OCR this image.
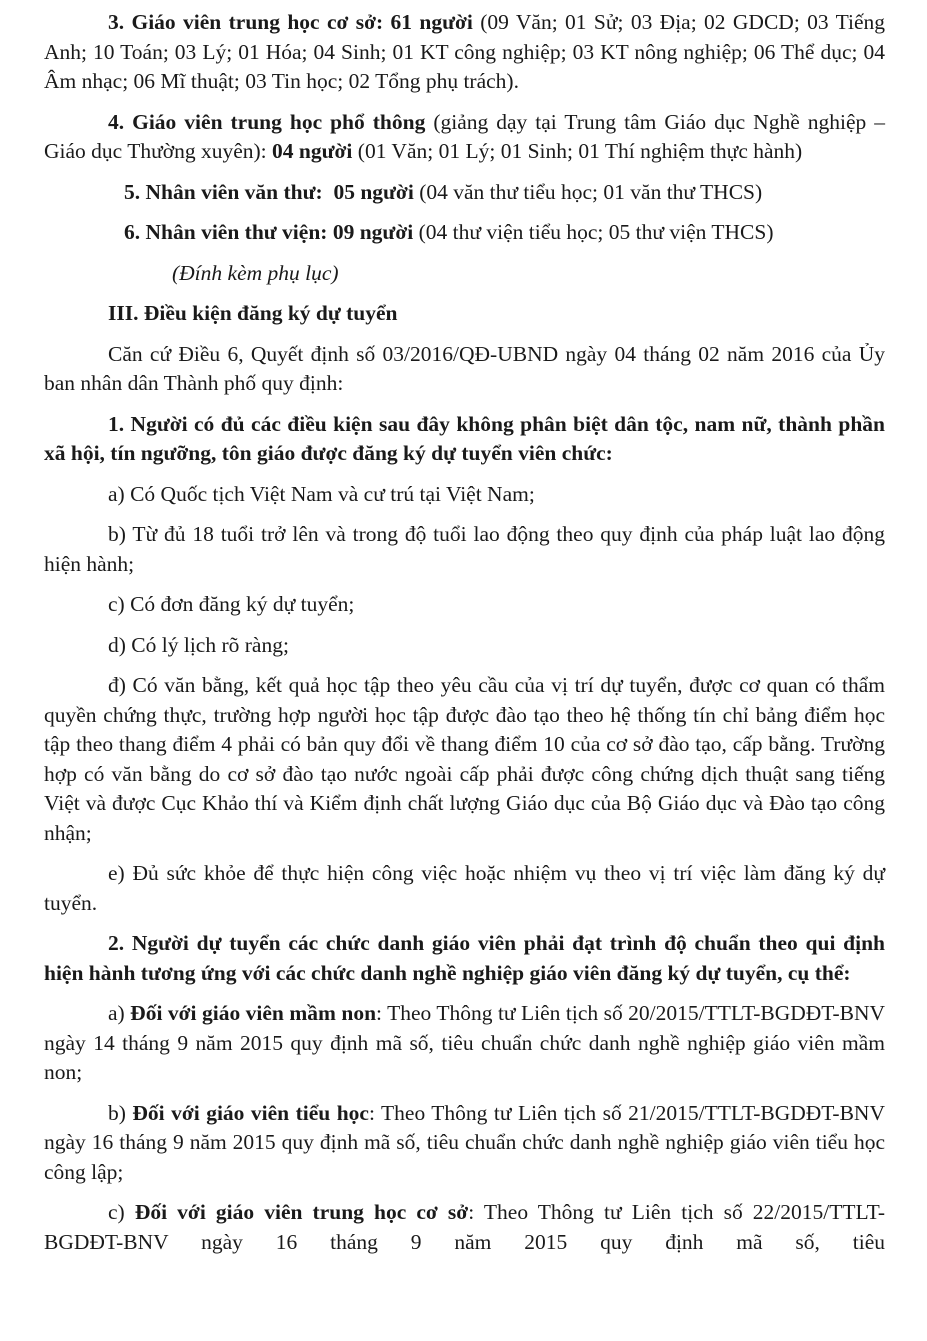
3. Giáo viên trung học cơ sở: 61 người (09 Văn; 01 Sử; 03 Địa; 02 GDCD; 03 Tiếng Anh; 10 Toán; 03 Lý; 01 Hóa; 04 Sinh; 01 KT công nghiệp; 03 KT nông nghiệp; 06 Thể dục; 04 Âm nhạc; 06 Mĩ thuật; 03 Tin học; 02 Tổng phụ trách).

4. Giáo viên trung học phổ thông (giảng dạy tại Trung tâm Giáo dục Nghề nghiệp – Giáo dục Thường xuyên): 04 người (01 Văn; 01 Lý; 01 Sinh; 01 Thí nghiệm thực hành)

5. Nhân viên văn thư: 05 người (04 văn thư tiểu học; 01 văn thư THCS)

6. Nhân viên thư viện: 09 người (04 thư viện tiểu học; 05 thư viện THCS)

(Đính kèm phụ lục)

III. Điều kiện đăng ký dự tuyển

Căn cứ Điều 6, Quyết định số 03/2016/QĐ-UBND ngày 04 tháng 02 năm 2016 của Ủy ban nhân dân Thành phố quy định:

1. Người có đủ các điều kiện sau đây không phân biệt dân tộc, nam nữ, thành phần xã hội, tín ngưỡng, tôn giáo được đăng ký dự tuyển viên chức:

a) Có Quốc tịch Việt Nam và cư trú tại Việt Nam;

b) Từ đủ 18 tuổi trở lên và trong độ tuổi lao động theo quy định của pháp luật lao động hiện hành;

c) Có đơn đăng ký dự tuyển;

d) Có lý lịch rõ ràng;

đ) Có văn bằng, kết quả học tập theo yêu cầu của vị trí dự tuyển, được cơ quan có thẩm quyền chứng thực, trường hợp người học tập được đào tạo theo hệ thống tín chỉ bảng điểm học tập theo thang điểm 4 phải có bản quy đổi về thang điểm 10 của cơ sở đào tạo, cấp bằng. Trường hợp có văn bằng do cơ sở đào tạo nước ngoài cấp phải được công chứng dịch thuật sang tiếng Việt và được Cục Khảo thí và Kiểm định chất lượng Giáo dục của Bộ Giáo dục và Đào tạo công nhận;

e) Đủ sức khỏe để thực hiện công việc hoặc nhiệm vụ theo vị trí việc làm đăng ký dự tuyển.

2. Người dự tuyển các chức danh giáo viên phải đạt trình độ chuẩn theo qui định hiện hành tương ứng với các chức danh nghề nghiệp giáo viên đăng ký dự tuyển, cụ thể:

a) Đối với giáo viên mầm non: Theo Thông tư Liên tịch số 20/2015/TTLT-BGDĐT-BNV ngày 14 tháng 9 năm 2015 quy định mã số, tiêu chuẩn chức danh nghề nghiệp giáo viên mầm non;

b) Đối với giáo viên tiểu học: Theo Thông tư Liên tịch số 21/2015/TTLT-BGDĐT-BNV ngày 16 tháng 9 năm 2015 quy định mã số, tiêu chuẩn chức danh nghề nghiệp giáo viên tiểu học công lập;

c) Đối với giáo viên trung học cơ sở: Theo Thông tư Liên tịch số 22/2015/TTLT-BGDĐT-BNV ngày 16 tháng 9 năm 2015 quy định mã số, tiêu
